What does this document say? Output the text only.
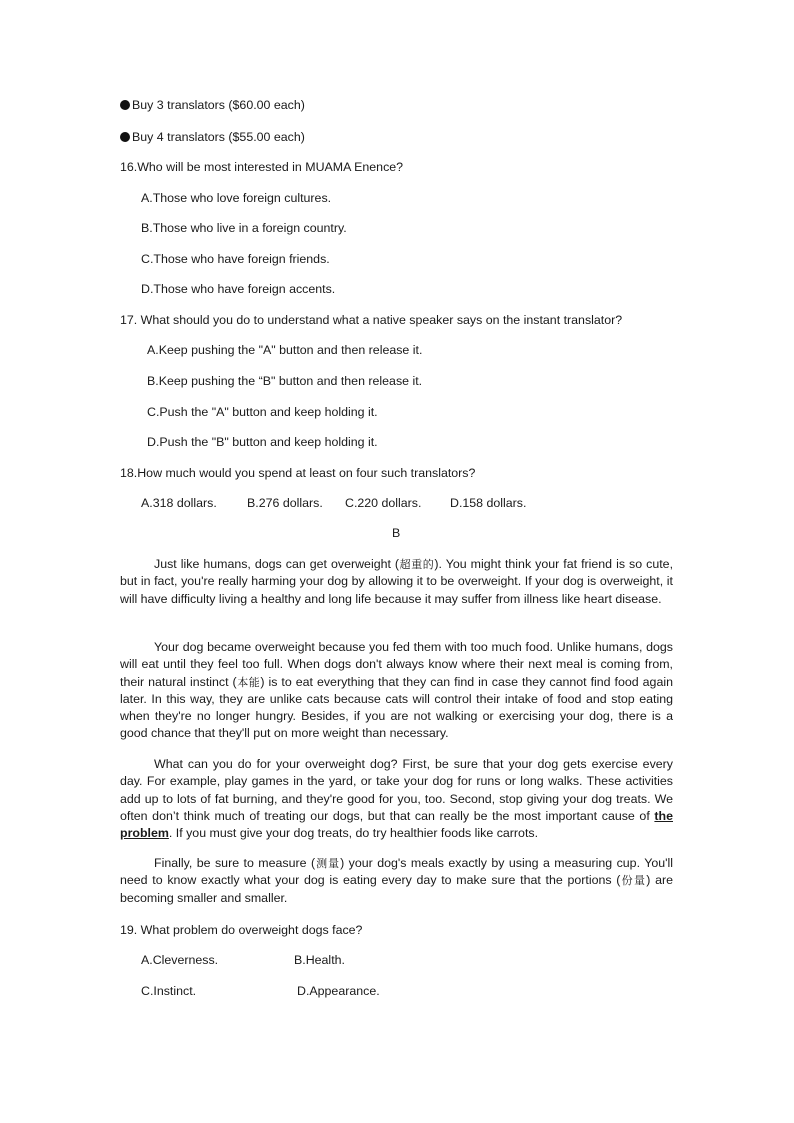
Buy 3 translators ($60.00 each)
Buy 4 translators ($55.00 each)
16.Who will be most interested in MUAMA Enence?
A.Those who love foreign cultures.
B.Those who live in a foreign country.
C.Those who have foreign friends.
D.Those who have foreign accents.
17. What should you do to understand what a native speaker says on the instant translator?
A.Keep pushing the "A" button and then release it.
B.Keep pushing the “B" button and then release it.
C.Push the "A" button and keep holding it.
D.Push the "B" button and keep holding it.
18.How much would you spend at least on four such translators?
A.318 dollars. B.276 dollars. C.220 dollars. D.158 dollars.
B
Just like humans, dogs can get overweight (超重的). You might think your fat friend is so cute, but in fact, you're really harming your dog by allowing it to be overweight. If your dog is overweight, it will have difficulty living a healthy and long life because it may suffer from illness like heart disease.
Your dog became overweight because you fed them with too much food. Unlike humans, dogs will eat until they feel too full. When dogs don't always know where their next meal is coming from, their natural instinct (本能) is to eat everything that they can find in case they cannot find food again later. In this way, they are unlike cats because cats will control their intake of food and stop eating when they're no longer hungry. Besides, if you are not walking or exercising your dog, there is a good chance that they'll put on more weight than necessary.
What can you do for your overweight dog? First, be sure that your dog gets exercise every day. For example, play games in the yard, or take your dog for runs or long walks. These activities add up to lots of fat burning, and they're good for you, too. Second, stop giving your dog treats. We often don’t think much of treating our dogs, but that can really be the most important cause of the problem. If you must give your dog treats, do try healthier foods like carrots.
Finally, be sure to measure (测量) your dog's meals exactly by using a measuring cup. You'll need to know exactly what your dog is eating every day to make sure that the portions (份量) are becoming smaller and smaller.
19. What problem do overweight dogs face?
A.Cleverness.	B.Health.
C.Instinct.	D.Appearance.
